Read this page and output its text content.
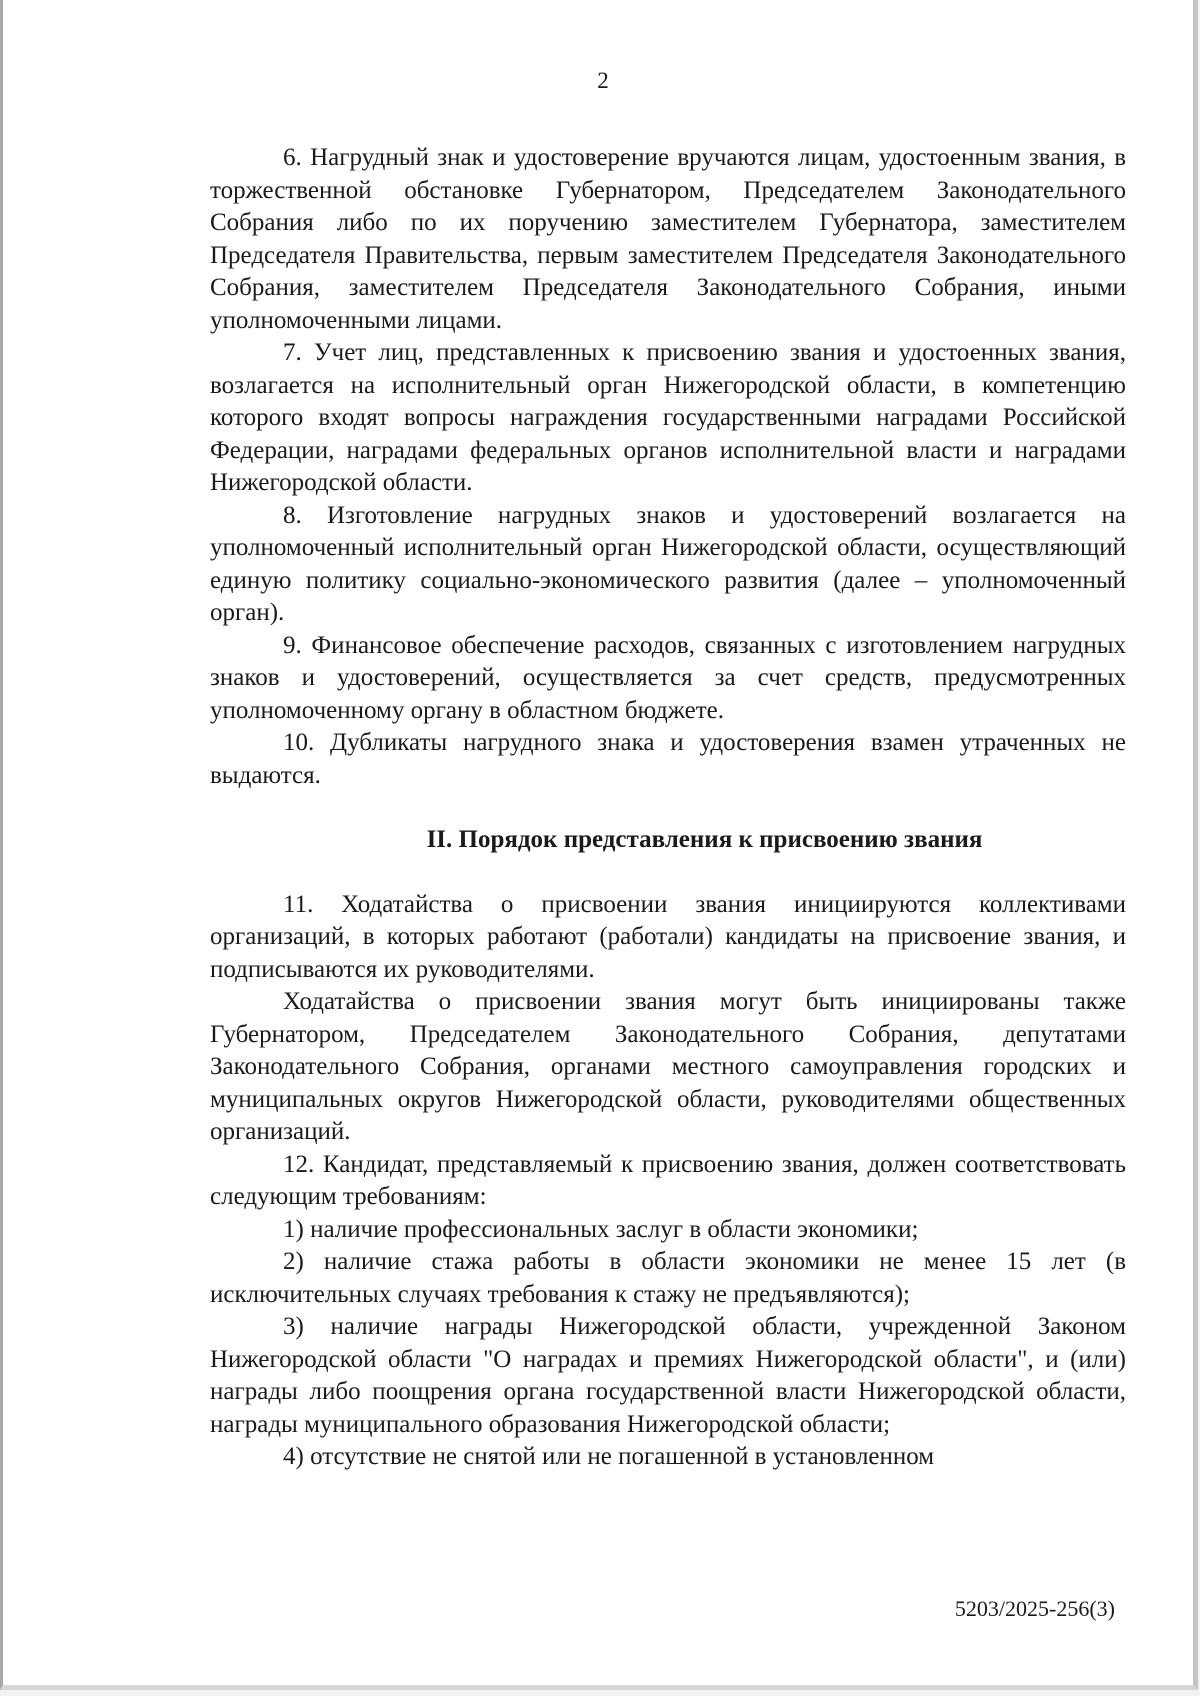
2

6. Нагрудный знак и удостоверение вручаются лицам, удостоенным звания, в торжественной обстановке Губернатором, Председателем Законодательного Собрания либо по их поручению заместителем Губернатора, заместителем Председателя Правительства, первым заместителем Председателя Законодательного Собрания, заместителем Председателя Законодательного Собрания, иными уполномоченными лицами.

7. Учет лиц, представленных к присвоению звания и удостоенных звания, возлагается на исполнительный орган Нижегородской области, в компетенцию которого входят вопросы награждения государственными наградами Российской Федерации, наградами федеральных органов исполнительной власти и наградами Нижегородской области.

8. Изготовление нагрудных знаков и удостоверений возлагается на уполномоченный исполнительный орган Нижегородской области, осуществляющий единую политику социально-экономического развития (далее – уполномоченный орган).

9. Финансовое обеспечение расходов, связанных с изготовлением нагрудных знаков и удостоверений, осуществляется за счет средств, предусмотренных уполномоченному органу в областном бюджете.

10. Дубликаты нагрудного знака и удостоверения взамен утраченных не выдаются.

II. Порядок представления к присвоению звания

11. Ходатайства о присвоении звания инициируются коллективами организаций, в которых работают (работали) кандидаты на присвоение звания, и подписываются их руководителями.

Ходатайства о присвоении звания могут быть инициированы также Губернатором, Председателем Законодательного Собрания, депутатами Законодательного Собрания, органами местного самоуправления городских и муниципальных округов Нижегородской области, руководителями общественных организаций.

12. Кандидат, представляемый к присвоению звания, должен соответствовать следующим требованиям:

1) наличие профессиональных заслуг в области экономики;

2) наличие стажа работы в области экономики не менее 15 лет (в исключительных случаях требования к стажу не предъявляются);

3) наличие награды Нижегородской области, учрежденной Законом Нижегородской области "О наградах и премиях Нижегородской области", и (или) награды либо поощрения органа государственной власти Нижегородской области, награды муниципального образования Нижегородской области;

4) отсутствие не снятой или не погашенной в установленном

5203/2025-256(3)
